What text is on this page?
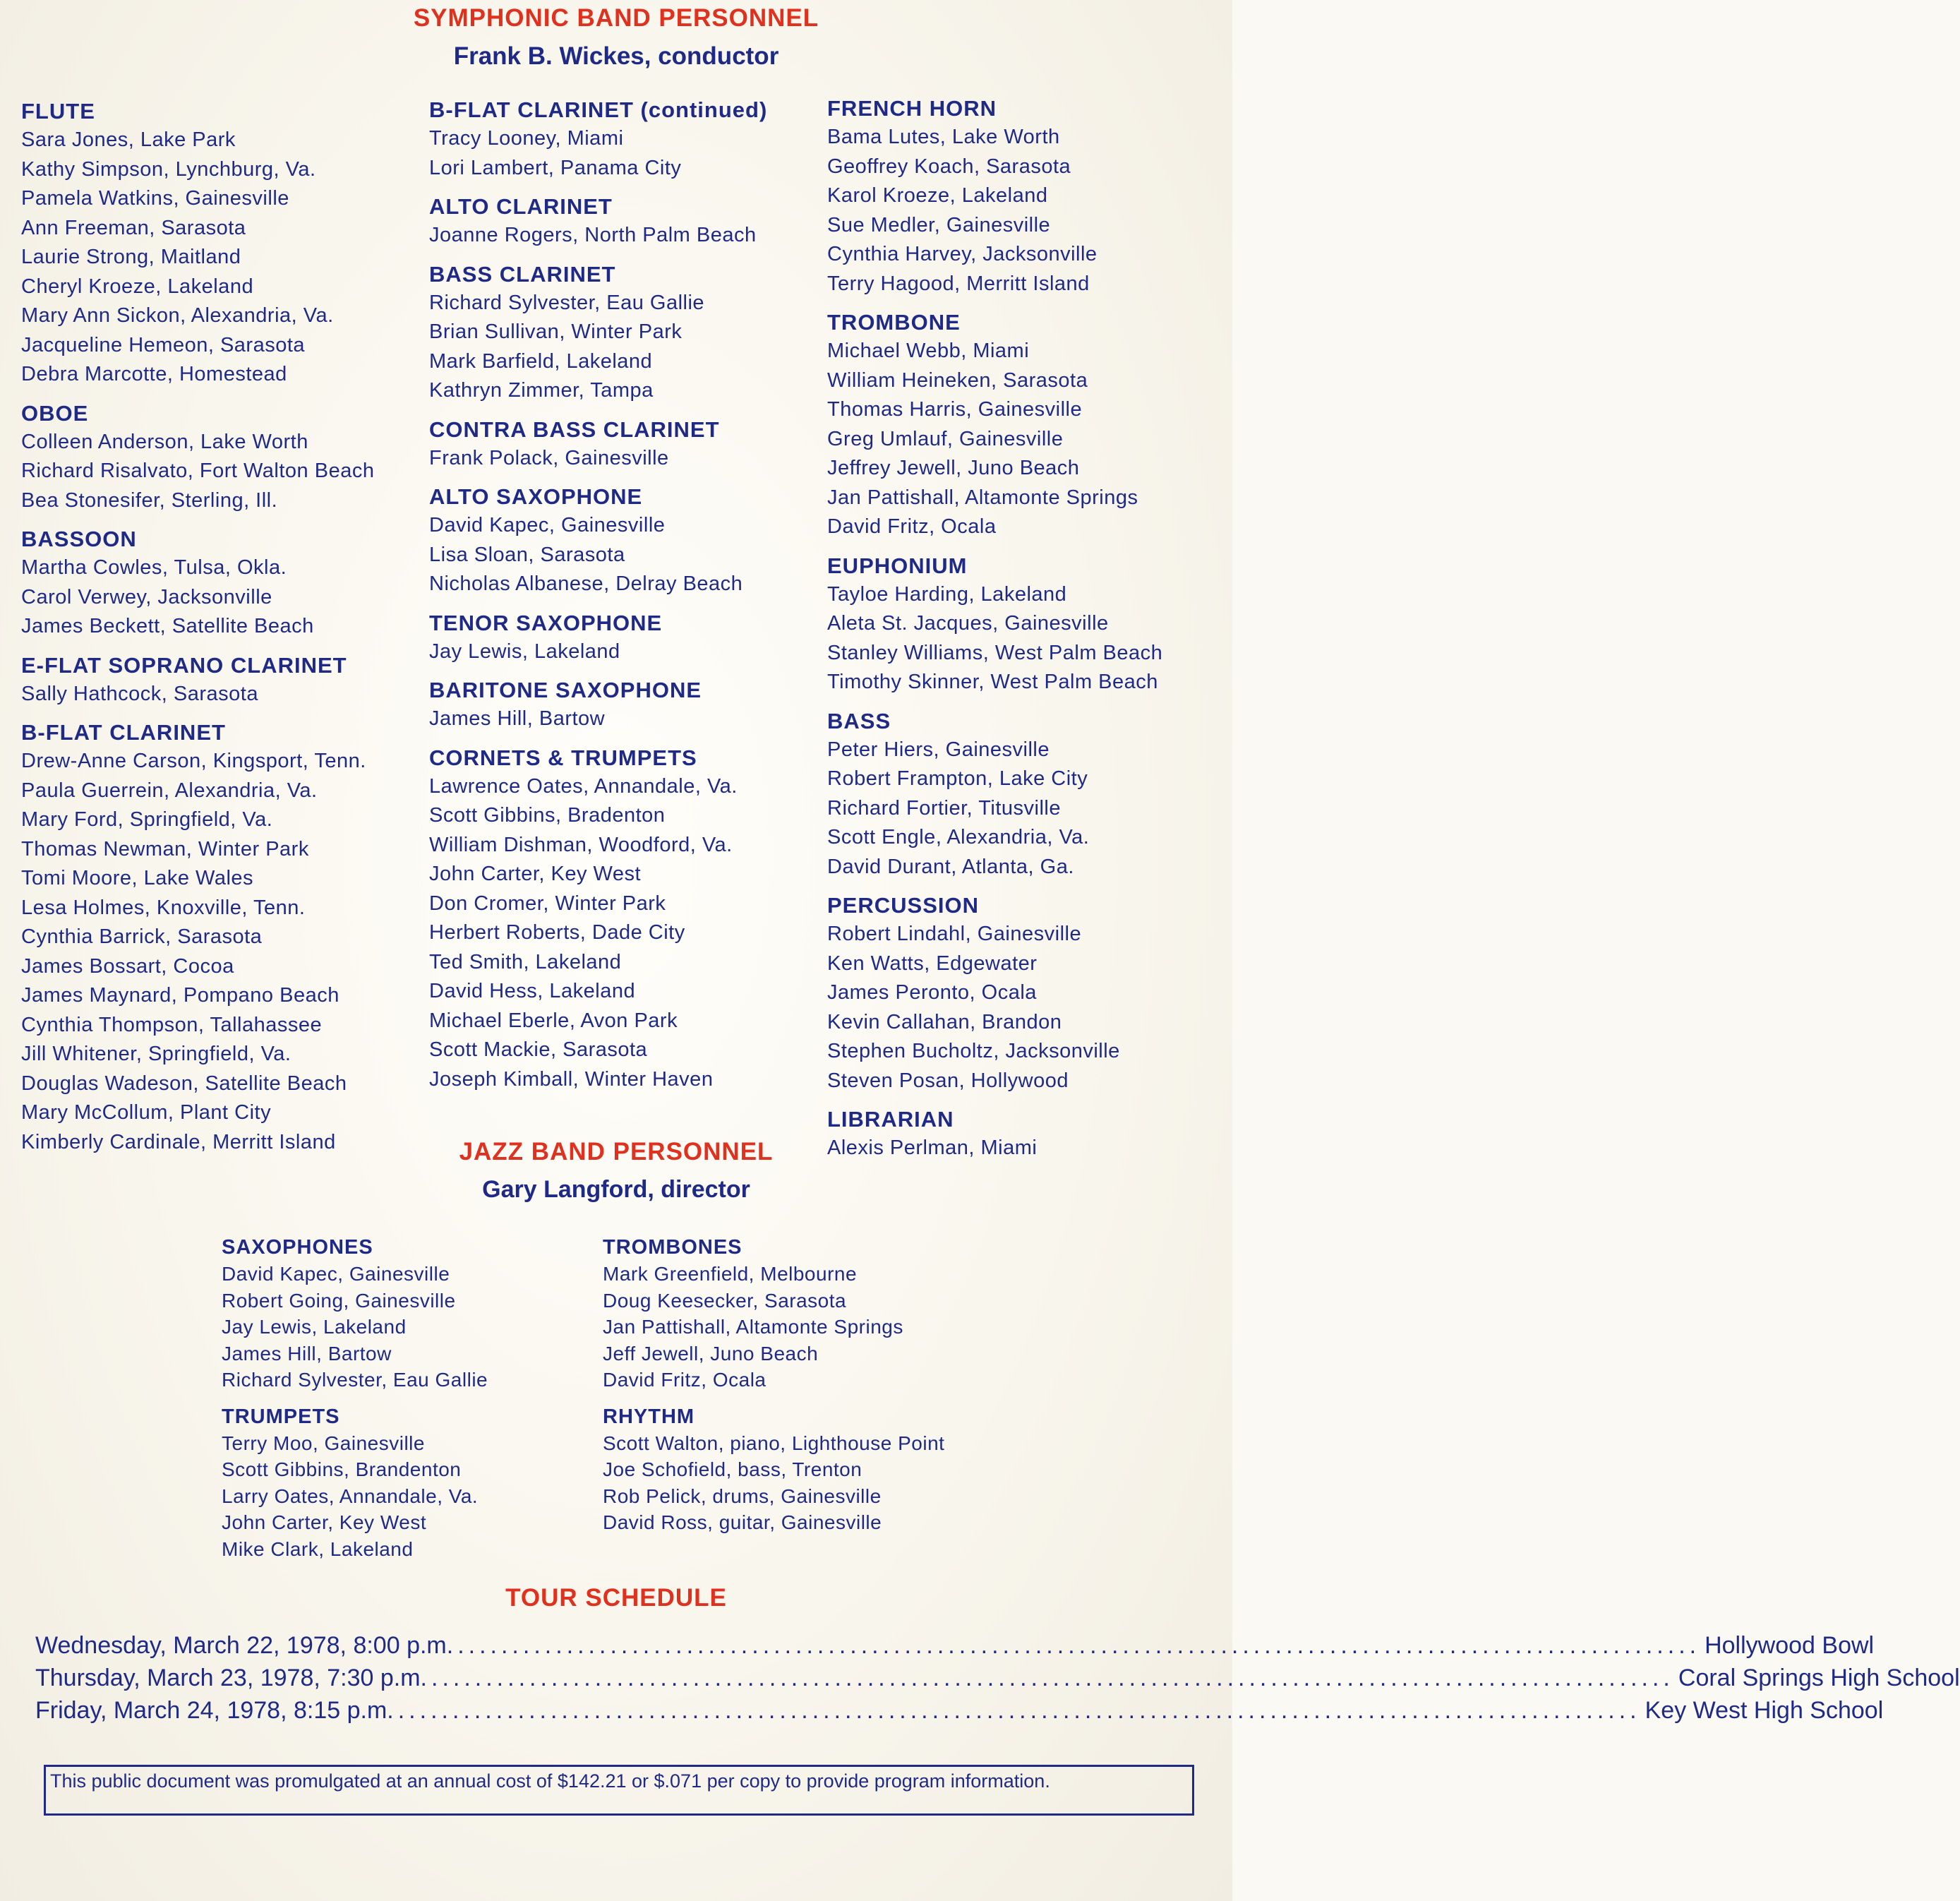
SYMPHONIC BAND PERSONNEL
Frank B. Wickes, conductor
FLUTE
Sara Jones, Lake Park
Kathy Simpson, Lynchburg, Va.
Pamela Watkins, Gainesville
Ann Freeman, Sarasota
Laurie Strong, Maitland
Cheryl Kroeze, Lakeland
Mary Ann Sickon, Alexandria, Va.
Jacqueline Hemeon, Sarasota
Debra Marcotte, Homestead
OBOE
Colleen Anderson, Lake Worth
Richard Risalvato, Fort Walton Beach
Bea Stonesifer, Sterling, Ill.
BASSOON
Martha Cowles, Tulsa, Okla.
Carol Verwey, Jacksonville
James Beckett, Satellite Beach
E-FLAT SOPRANO CLARINET
Sally Hathcock, Sarasota
B-FLAT CLARINET
Drew-Anne Carson, Kingsport, Tenn.
Paula Guerrein, Alexandria, Va.
Mary Ford, Springfield, Va.
Thomas Newman, Winter Park
Tomi Moore, Lake Wales
Lesa Holmes, Knoxville, Tenn.
Cynthia Barrick, Sarasota
James Bossart, Cocoa
James Maynard, Pompano Beach
Cynthia Thompson, Tallahassee
Jill Whitener, Springfield, Va.
Douglas Wadeson, Satellite Beach
Mary McCollum, Plant City
Kimberly Cardinale, Merritt Island
B-FLAT CLARINET (continued)
Tracy Looney, Miami
Lori Lambert, Panama City
ALTO CLARINET
Joanne Rogers, North Palm Beach
BASS CLARINET
Richard Sylvester, Eau Gallie
Brian Sullivan, Winter Park
Mark Barfield, Lakeland
Kathryn Zimmer, Tampa
CONTRA BASS CLARINET
Frank Polack, Gainesville
ALTO SAXOPHONE
David Kapec, Gainesville
Lisa Sloan, Sarasota
Nicholas Albanese, Delray Beach
TENOR SAXOPHONE
Jay Lewis, Lakeland
BARITONE SAXOPHONE
James Hill, Bartow
CORNETS & TRUMPETS
Lawrence Oates, Annandale, Va.
Scott Gibbins, Bradenton
William Dishman, Woodford, Va.
John Carter, Key West
Don Cromer, Winter Park
Herbert Roberts, Dade City
Ted Smith, Lakeland
David Hess, Lakeland
Michael Eberle, Avon Park
Scott Mackie, Sarasota
Joseph Kimball, Winter Haven
FRENCH HORN
Bama Lutes, Lake Worth
Geoffrey Koach, Sarasota
Karol Kroeze, Lakeland
Sue Medler, Gainesville
Cynthia Harvey, Jacksonville
Terry Hagood, Merritt Island
TROMBONE
Michael Webb, Miami
William Heineken, Sarasota
Thomas Harris, Gainesville
Greg Umlauf, Gainesville
Jeffrey Jewell, Juno Beach
Jan Pattishall, Altamonte Springs
David Fritz, Ocala
EUPHONIUM
Tayloe Harding, Lakeland
Aleta St. Jacques, Gainesville
Stanley Williams, West Palm Beach
Timothy Skinner, West Palm Beach
BASS
Peter Hiers, Gainesville
Robert Frampton, Lake City
Richard Fortier, Titusville
Scott Engle, Alexandria, Va.
David Durant, Atlanta, Ga.
PERCUSSION
Robert Lindahl, Gainesville
Ken Watts, Edgewater
James Peronto, Ocala
Kevin Callahan, Brandon
Stephen Bucholtz, Jacksonville
Steven Posan, Hollywood
LIBRARIAN
Alexis Perlman, Miami
JAZZ BAND PERSONNEL
Gary Langford, director
SAXOPHONES
David Kapec, Gainesville
Robert Going, Gainesville
Jay Lewis, Lakeland
James Hill, Bartow
Richard Sylvester, Eau Gallie
TRUMPETS
Terry Moo, Gainesville
Scott Gibbins, Brandenton
Larry Oates, Annandale, Va.
John Carter, Key West
Mike Clark, Lakeland
TROMBONES
Mark Greenfield, Melbourne
Doug Keesecker, Sarasota
Jan Pattishall, Altamonte Springs
Jeff Jewell, Juno Beach
David Fritz, Ocala
RHYTHM
Scott Walton, piano, Lighthouse Point
Joe Schofield, bass, Trenton
Rob Pelick, drums, Gainesville
David Ross, guitar, Gainesville
TOUR SCHEDULE
Wednesday, March 22, 1978, 8:00 p.m. .................................................................................................................. Hollywood Bowl
Thursday, March 23, 1978, 7:30 p.m. .................................................................................................................. Coral Springs High School
Friday, March 24, 1978, 8:15 p.m. .................................................................................................................. Key West High School
This public document was promulgated at an annual cost of $142.21 or $.071 per copy to provide program information.
